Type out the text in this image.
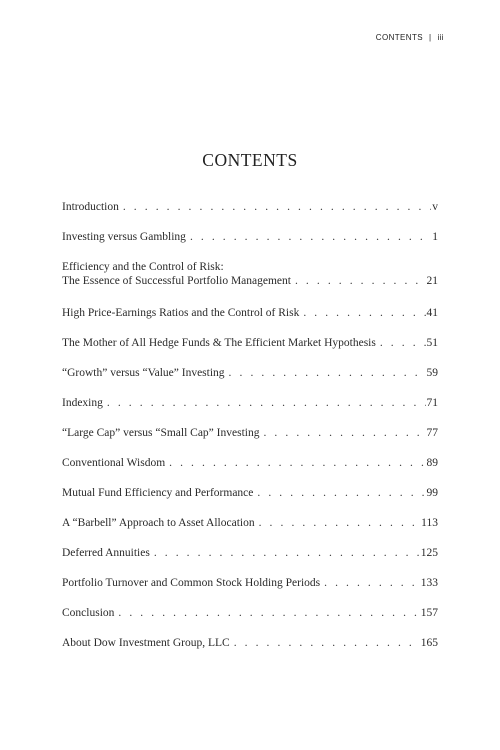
CONTENTS | iii
CONTENTS
Introduction . . .	v
Investing versus Gambling . . .	1
Efficiency and the Control of Risk:
The Essence of Successful Portfolio Management . . .	21
High Price-Earnings Ratios and the Control of Risk . . .	41
The Mother of All Hedge Funds & The Efficient Market Hypothesis . . .	51
“Growth” versus “Value” Investing . . .	59
Indexing . . .	71
“Large Cap” versus “Small Cap” Investing . . .	77
Conventional Wisdom . . .	89
Mutual Fund Efficiency and Performance . . .	99
A “Barbell” Approach to Asset Allocation . . .	113
Deferred Annuities . . .	125
Portfolio Turnover and Common Stock Holding Periods . . .	133
Conclusion . . .	157
About Dow Investment Group, LLC . . .	165
